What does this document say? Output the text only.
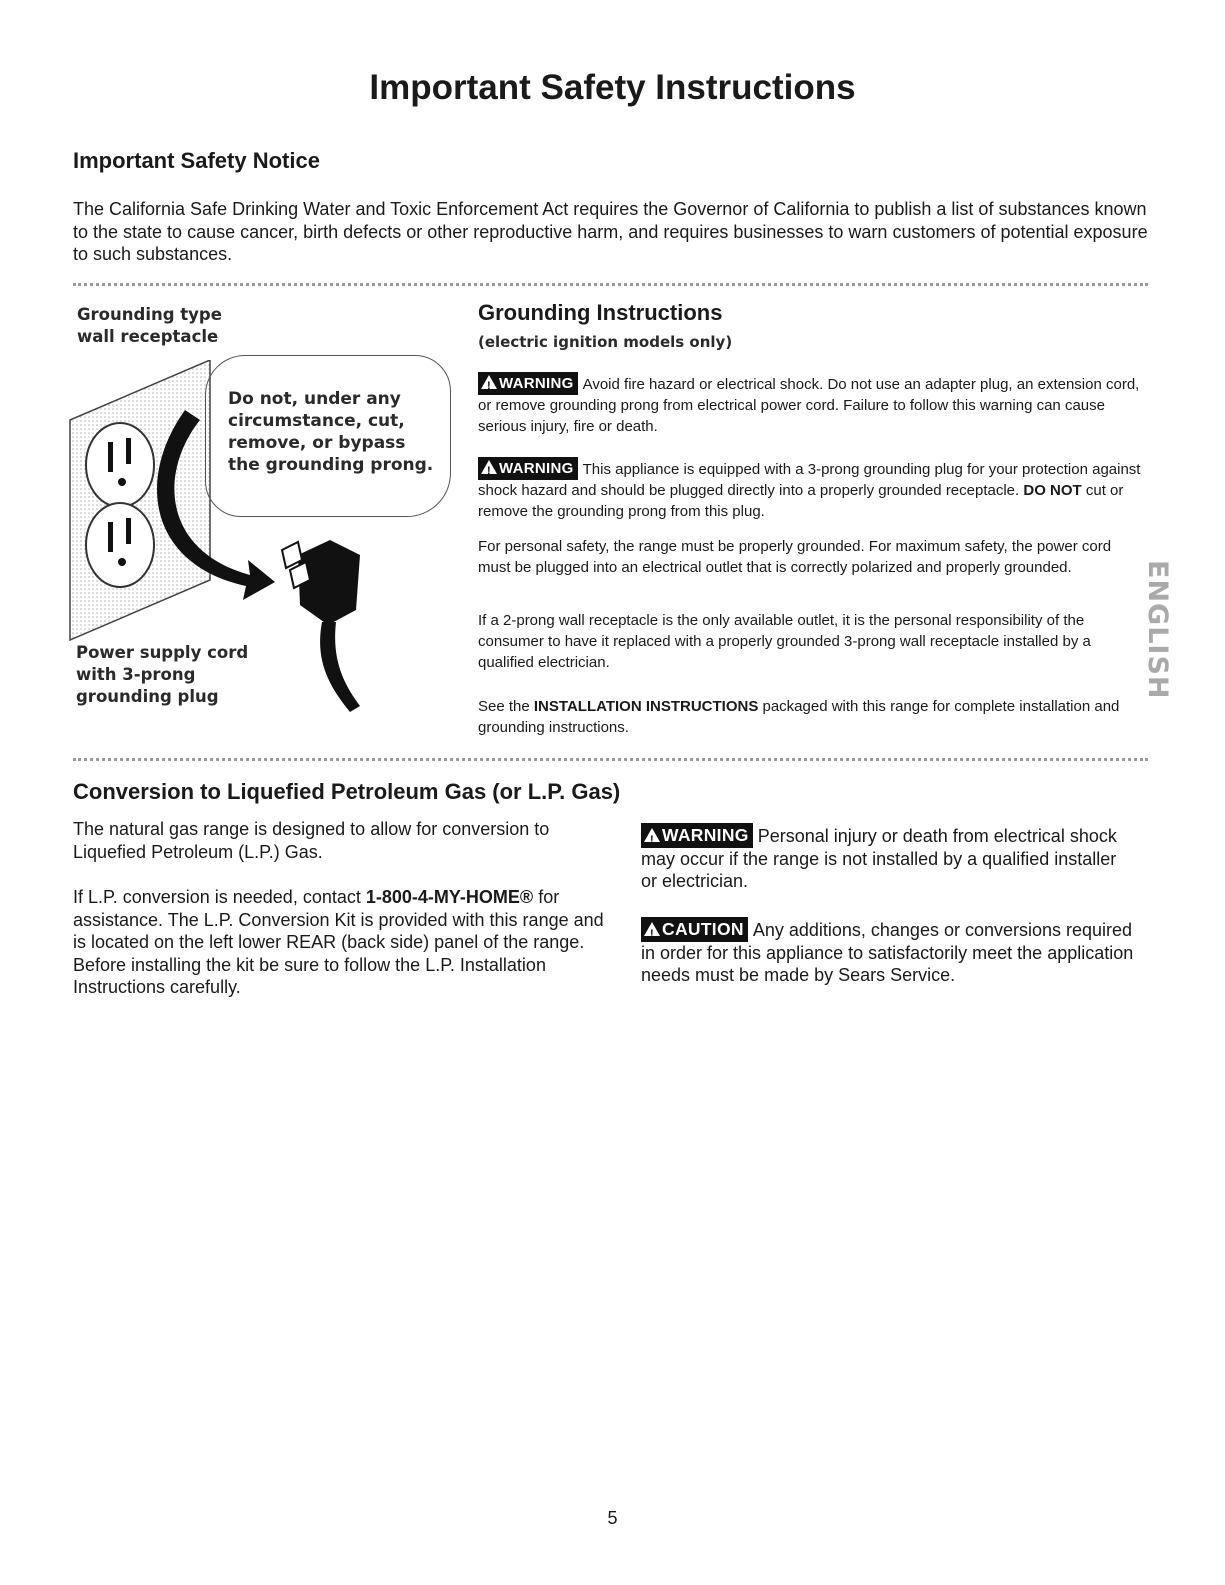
Important Safety Instructions
Important Safety Notice
The California Safe Drinking Water and Toxic Enforcement Act requires the Governor of California to publish a list of substances known to the state to cause cancer, birth defects or other reproductive harm, and requires businesses to warn customers of potential exposure to such substances.
Grounding type
wall receptacle
Do not, under any
circumstance, cut,
remove, or bypass
the grounding prong.
Power supply cord
with 3-prong
grounding plug
Grounding Instructions
(electric ignition models only)
!WARNING Avoid fire hazard or electrical shock. Do not use an adapter plug, an extension cord, or remove grounding prong from electrical power cord. Failure to follow this warning can cause serious injury, fire or death.
!WARNING This appliance is equipped with a 3-prong grounding plug for your protection against shock hazard and should be plugged directly into a properly grounded receptacle. DO NOT cut or remove the grounding prong from this plug.
For personal safety, the range must be properly grounded. For maximum safety, the power cord must be plugged into an electrical outlet that is correctly polarized and properly grounded.
If a 2-prong wall receptacle is the only available outlet, it is the personal responsibility of the consumer to have it replaced with a properly grounded 3-prong wall receptacle installed by a qualified electrician.
See the INSTALLATION INSTRUCTIONS packaged with this range for complete installation and grounding instructions.
ENGLISH
Conversion to Liquefied Petroleum Gas (or L.P. Gas)
The natural gas range is designed to allow for conversion to Liquefied Petroleum (L.P.) Gas.
If L.P. conversion is needed, contact 1-800-4-MY-HOME® for assistance. The L.P. Conversion Kit is provided with this range and is located on the left lower REAR (back side) panel of the range. Before installing the kit be sure to follow the L.P. Installation Instructions carefully.
!WARNING Personal injury or death from electrical shock may occur if the range is not installed by a qualified installer or electrician.
!CAUTION Any additions, changes or conversions required in order for this appliance to satisfactorily meet the application needs must be made by Sears Service.
5
